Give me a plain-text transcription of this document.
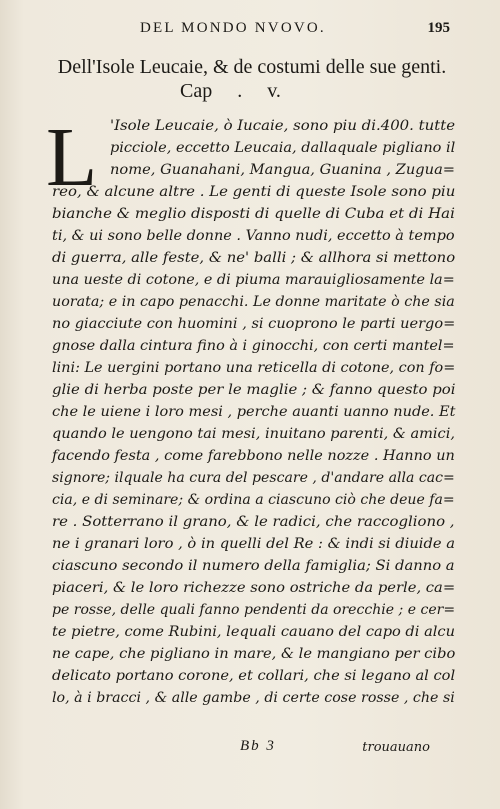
DEL MONDO NVOVO.	195
Dell'Isole Leucaie, & de costumi delle sue genti.
Cap . v.
L 'Isole Leucaie, ò Iucaie, sono piu di.400. tutte
picciole, eccetto Leucaia, dallaquale pigliano il
nome, Guanahani, Mangua, Guanina , Zugua=
reo, & alcune altre . Le genti di queste Isole sono piu
bianche & meglio disposti di quelle di Cuba et di Hai
ti, & ui sono belle donne . Vanno nudi, eccetto à tempo
di guerra, alle feste, & ne' balli ; & allhora si mettono
una ueste di cotone, e di piuma marauigliosamente la=
uorata; e in capo penacchi. Le donne maritate ò che sia
no giacciute con huomini , si cuoprono le parti uergo=
gnose dalla cintura fino à i ginocchi, con certi mantel=
lini: Le uergini portano una reticella di cotone, con fo=
glie di herba poste per le maglie ; & fanno questo poi
che le uiene i loro mesi , perche auanti uanno nude. Et
quando le uengono tai mesi, inuitano parenti, & amici,
facendo festa , come farebbono nelle nozze . Hanno un
signore; ilquale ha cura del pescare , d'andare alla cac=
cia, e di seminare; & ordina a ciascuno ciò che deue fa=
re . Sotterrano il grano, & le radici, che raccogliono ,
ne i granari loro , ò in quelli del Re : & indi si diuide a
ciascuno secondo il numero della famiglia; Si danno a
piaceri, & le loro richezze sono ostriche da perle, ca=
pe rosse, delle quali fanno pendenti da orecchie ; e cer=
te pietre, come Rubini, lequali cauano del capo di alcu
ne cape, che pigliano in mare, & le mangiano per cibo
delicato portano corone, et collari, che si legano al col
lo, à i bracci , & alle gambe , di certe cose rosse , che si
Bb 3	trouauano
